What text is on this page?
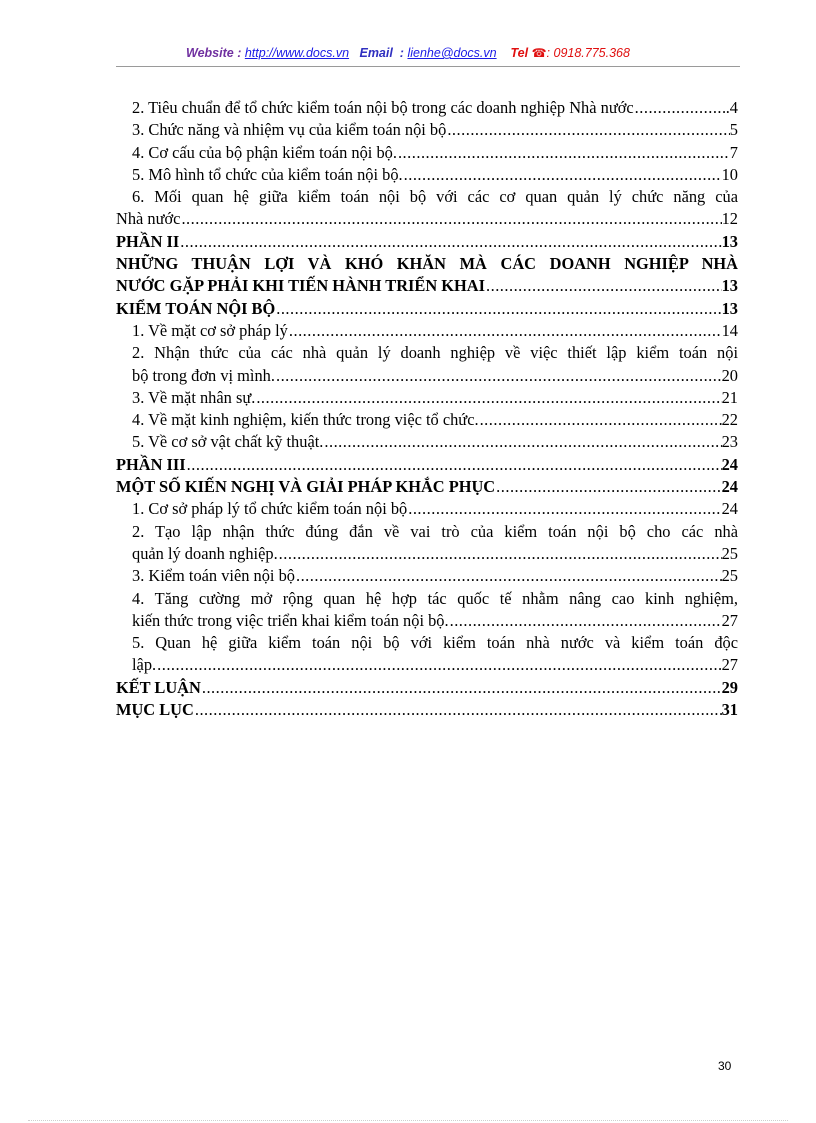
Website : http://www.docs.vn Email : lienhe@docs.vn Tel ☎: 0918.775.368
2. Tiêu chuẩn để tổ chức kiểm toán nội bộ trong các doanh nghiệp Nhà nước .....	.4
3. Chức năng và nhiệm vụ của kiểm toán nội bộ .....	5
4. Cơ cấu của bộ phận kiểm toán nội bộ. .....	7
5. Mô hình tổ chức của kiểm toán nội bộ. .....	10
6. Mối quan hệ giữa kiểm toán nội bộ với các cơ quan quản lý chức năng của
Nhà nước .....	12
PHẦN II .....	13
NHỮNG THUẬN LỢI VÀ KHÓ KHĂN MÀ CÁC DOANH NGHIỆP NHÀ
NƯỚC GẶP PHẢI KHI TIẾN HÀNH TRIỂN KHAI .....	13
KIỂM TOÁN NỘI BỘ .....	13
1. Về mặt cơ sở pháp lý .....	14
2. Nhận thức của các nhà quản lý doanh nghiệp về việc thiết lập kiểm toán nội
bộ trong đơn vị mình. .....	20
3. Về mặt nhân sự. .....	21
4. Về mặt kinh nghiệm, kiến thức trong việc tổ chức. .....	22
5. Về cơ sở vật chất kỹ thuật. .....	23
PHẦN III .....	24
MỘT SỐ KIẾN NGHỊ VÀ GIẢI PHÁP KHẮC PHỤC .....	24
1. Cơ sở pháp lý tổ chức kiểm toán nội bộ .....	24
2. Tạo lập nhận thức đúng đắn về vai trò của kiểm toán nội bộ cho các nhà
quản lý doanh nghiệp. .....	25
3. Kiểm toán viên nội bộ .....	25
4. Tăng cường mở rộng quan hệ hợp tác quốc tế nhằm nâng cao kinh nghiệm,
kiến thức trong việc triển khai kiểm toán nội bộ. .....	27
5. Quan hệ giữa kiểm toán nội bộ với kiểm toán nhà nước và kiểm toán độc
lập. .....	27
KẾT LUẬN .....	29
MỤC LỤC .....	31
30
